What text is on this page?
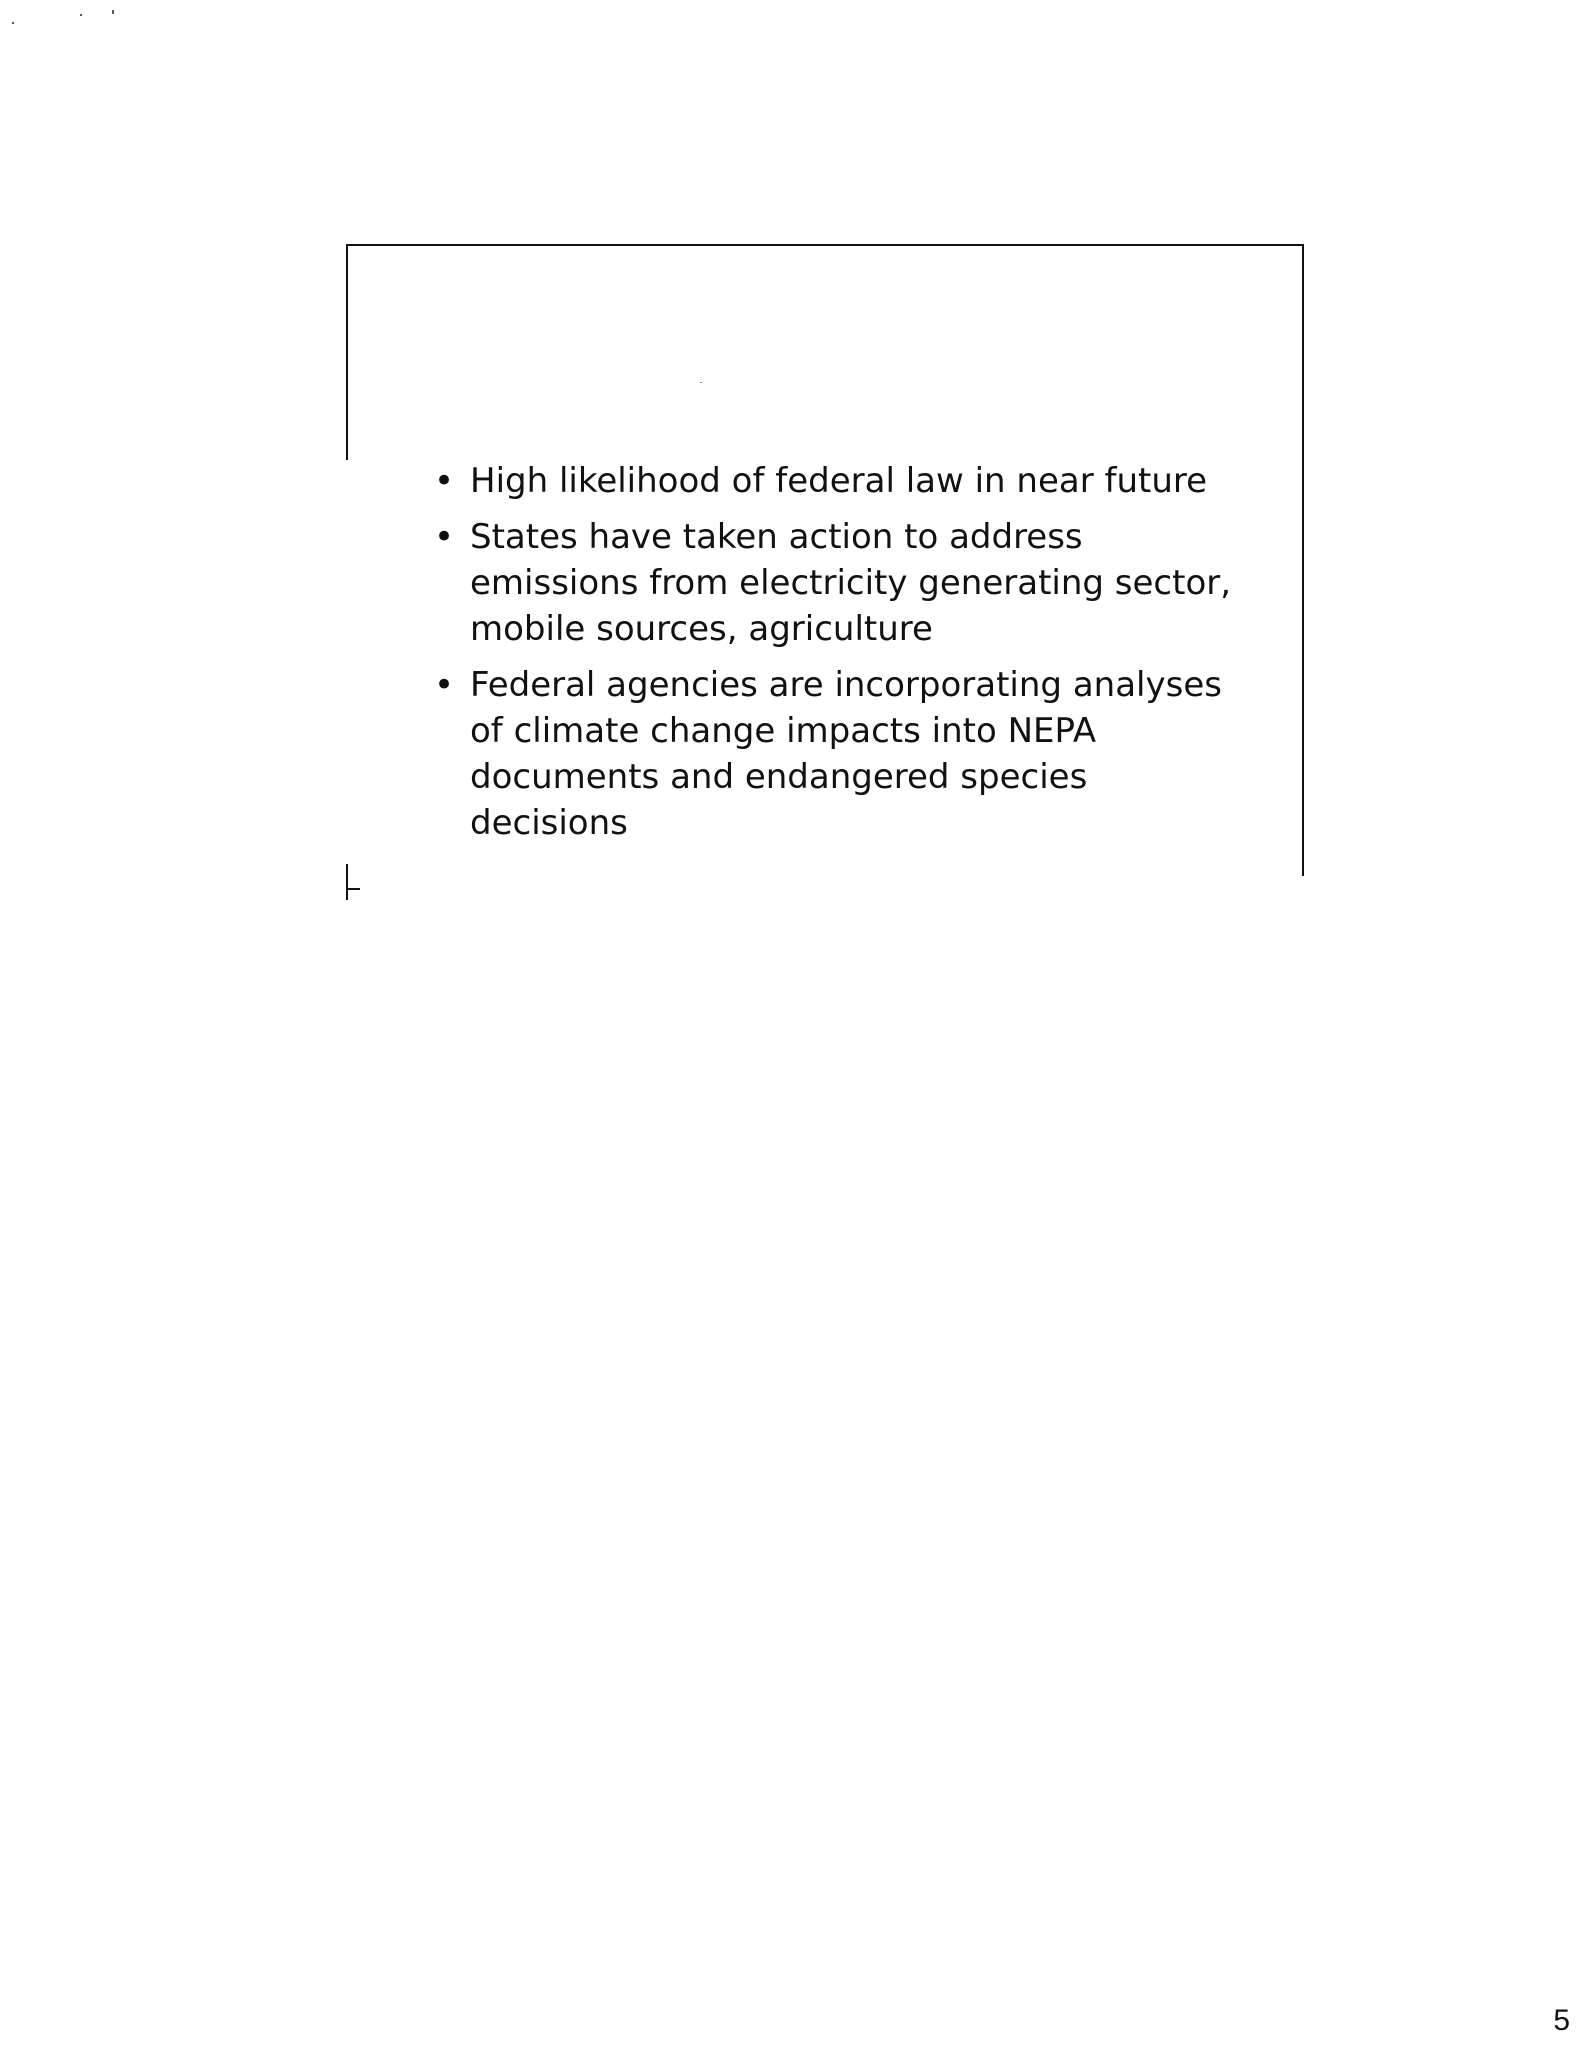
• High likelihood of federal law in near future
• States have taken action to address emissions from electricity generating sector, mobile sources, agriculture
• Federal agencies are incorporating analyses of climate change impacts into NEPA documents and endangered species decisions
5
